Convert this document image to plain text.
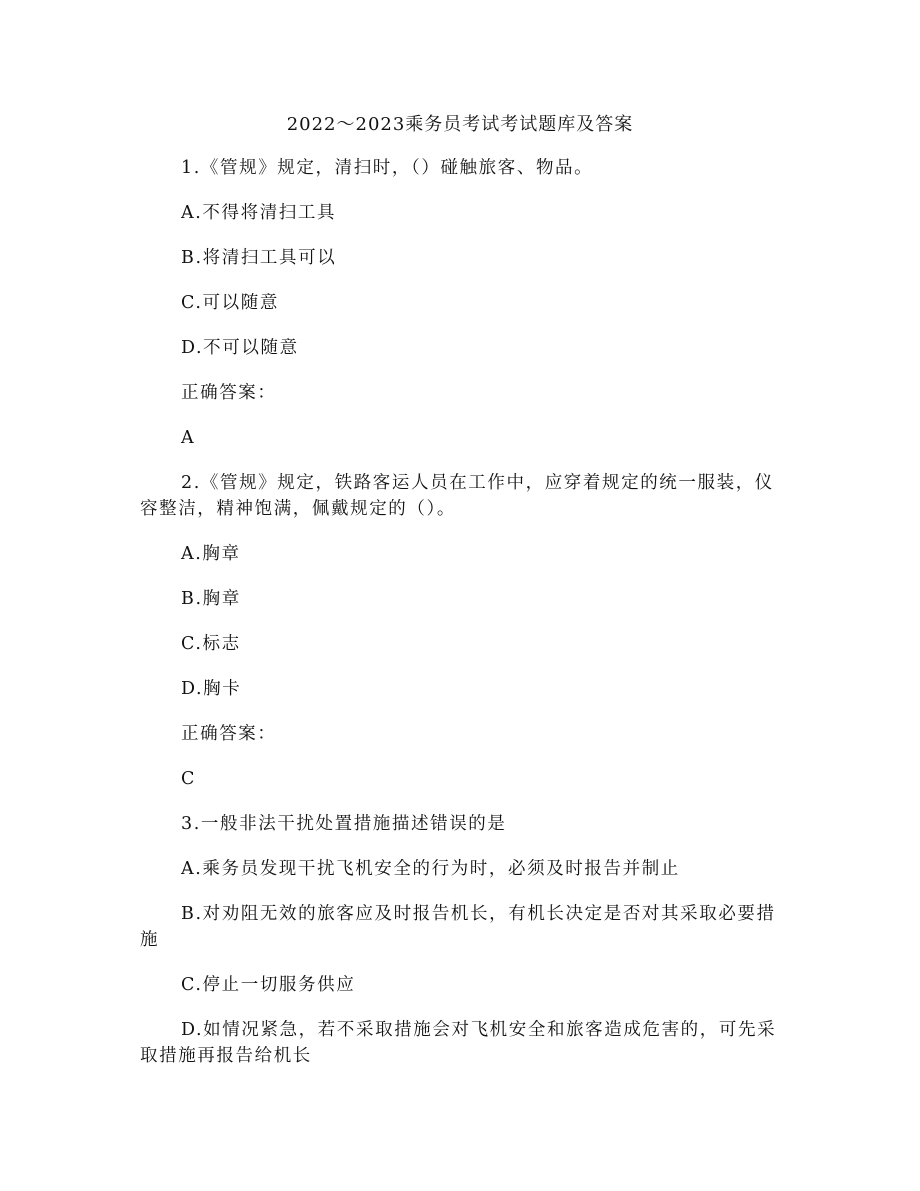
2022～2023乘务员考试考试题库及答案

1.《管规》规定，清扫时，（）碰触旅客、物品。

A.不得将清扫工具

B.将清扫工具可以

C.可以随意

D.不可以随意

正确答案：

A

2.《管规》规定，铁路客运人员在工作中，应穿着规定的统一服装，仪容整洁，精神饱满，佩戴规定的（）。

A.胸章

B.胸章

C.标志

D.胸卡

正确答案：

C

3.一般非法干扰处置措施描述错误的是

A.乘务员发现干扰飞机安全的行为时，必须及时报告并制止

B.对劝阻无效的旅客应及时报告机长，有机长决定是否对其采取必要措施

C.停止一切服务供应

D.如情况紧急，若不采取措施会对飞机安全和旅客造成危害的，可先采取措施再报告给机长
